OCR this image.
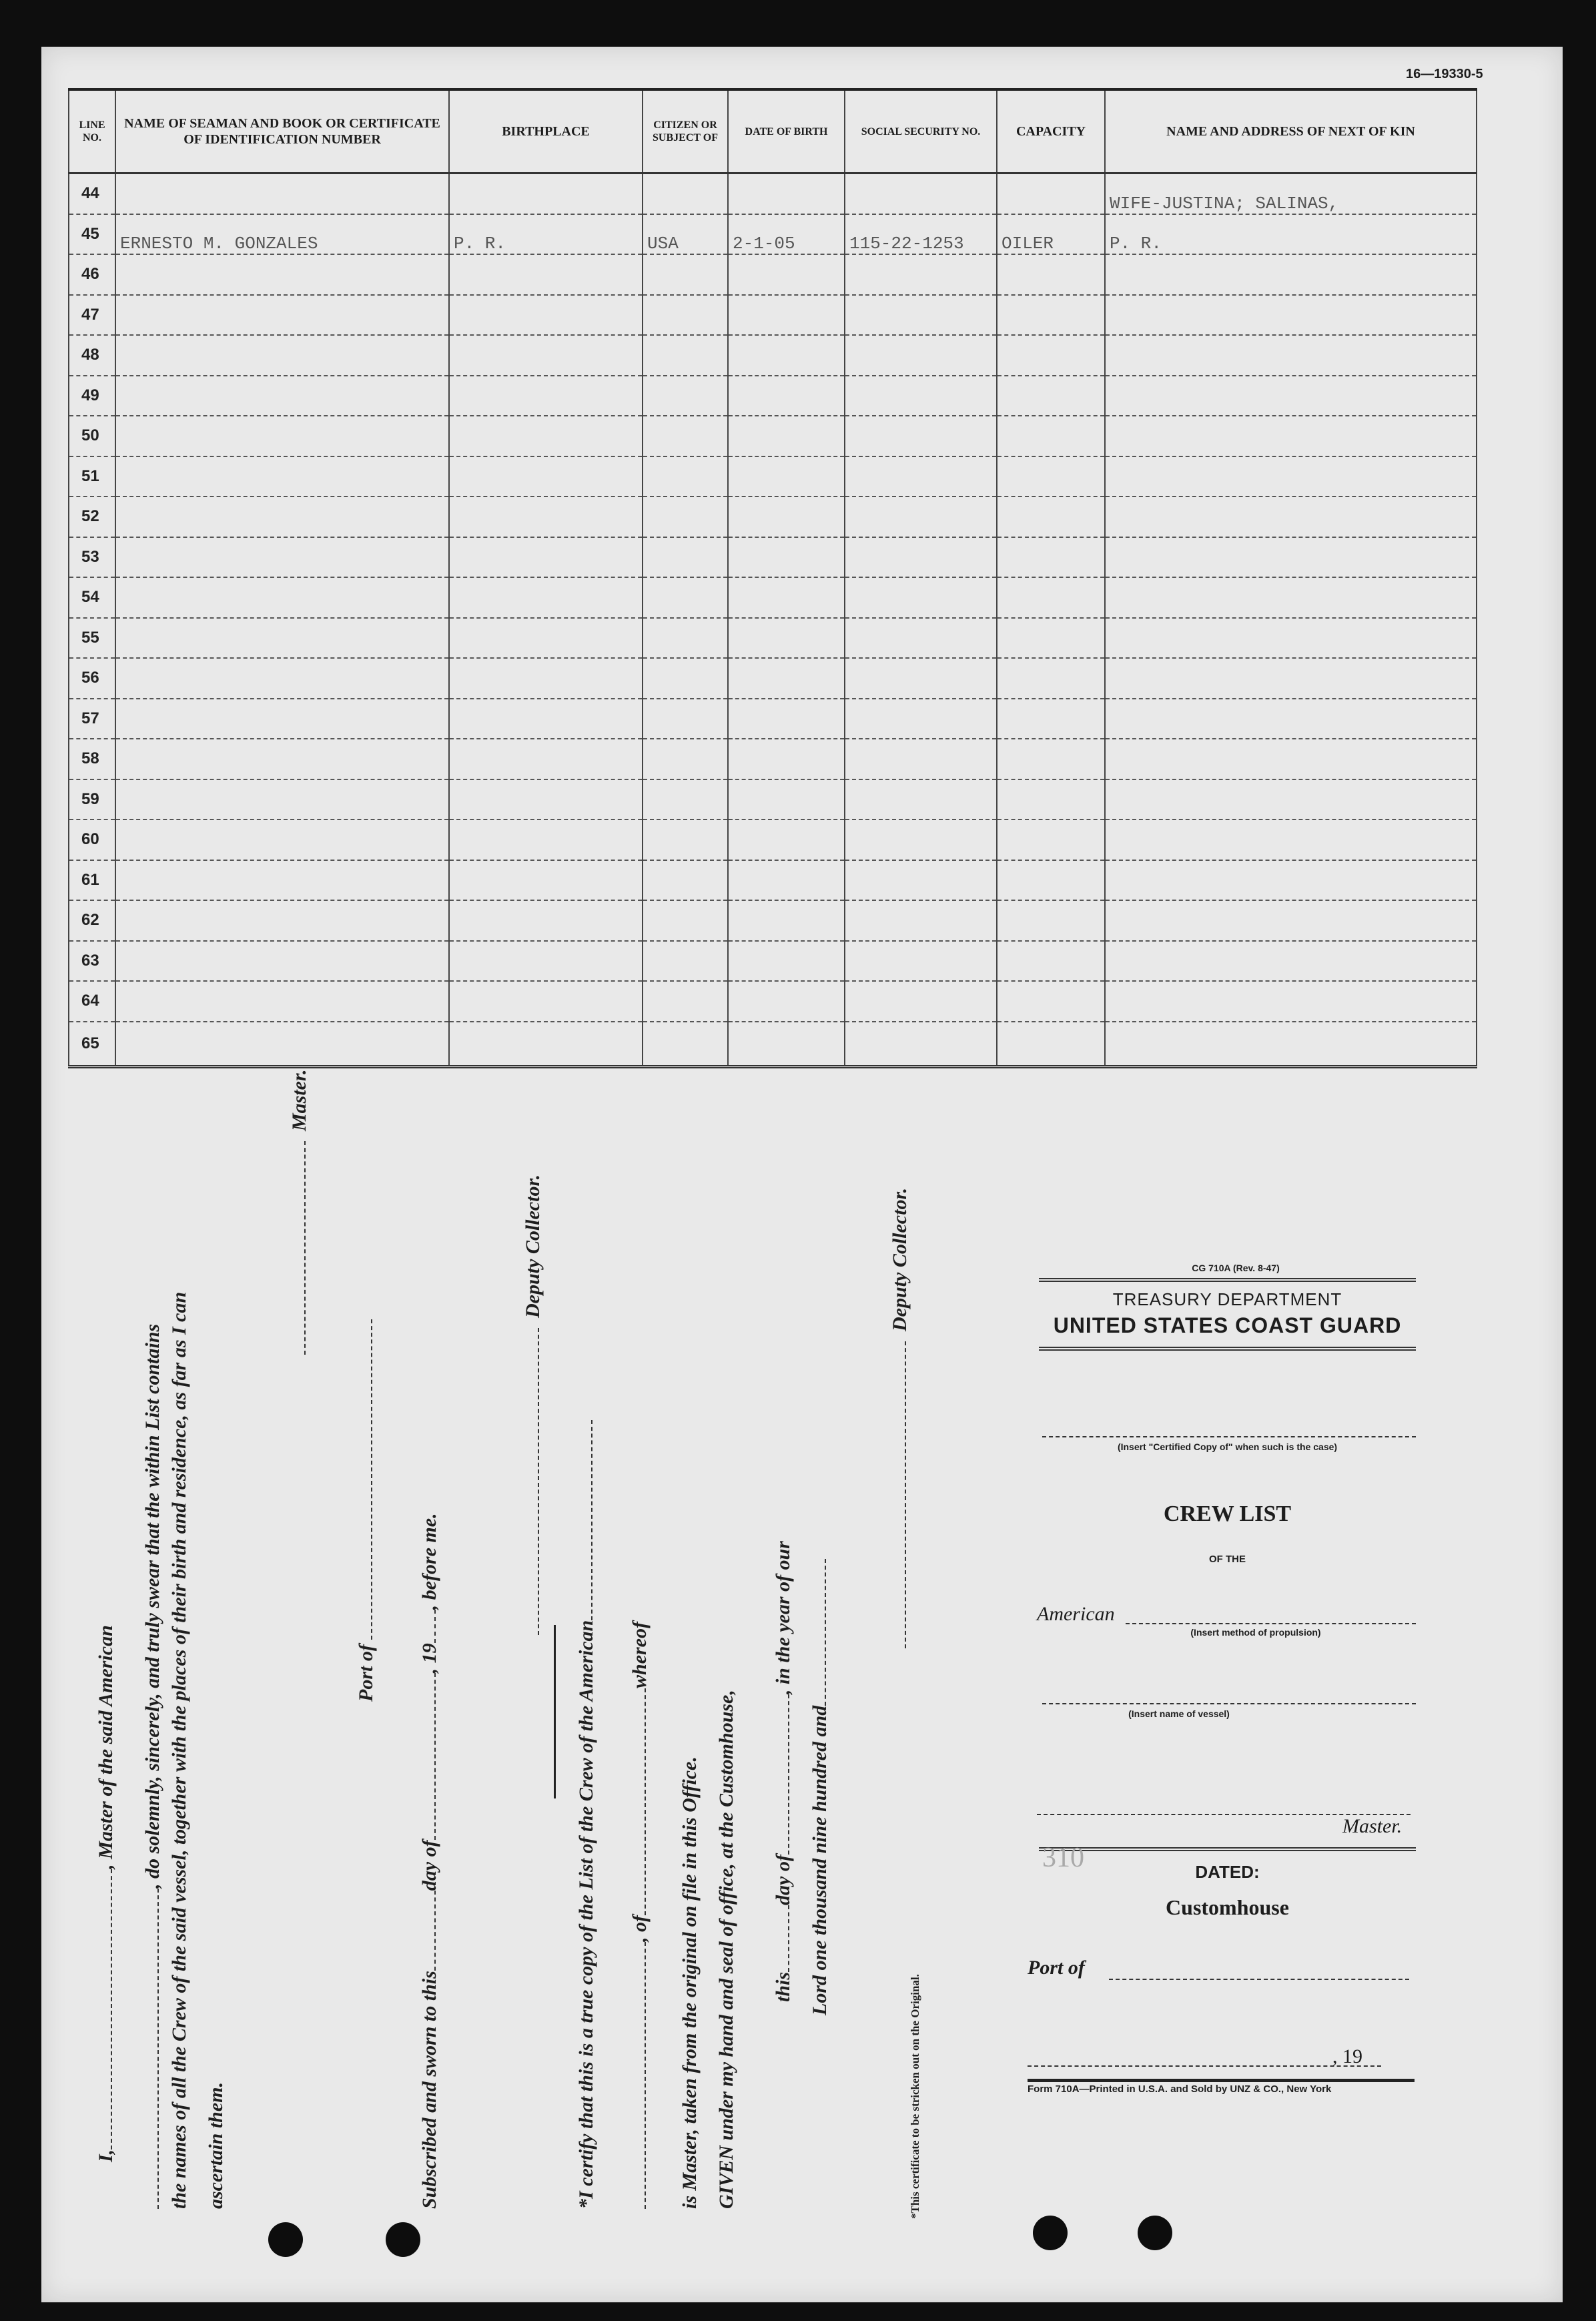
16—19330-5
LINE NO.	NAME OF SEAMAN AND BOOK OR CERTIFICATE OF IDENTIFICATION NUMBER	BIRTHPLACE	CITIZEN OR SUBJECT OF	DATE OF BIRTH	SOCIAL SECURITY NO.	CAPACITY	NAME AND ADDRESS OF NEXT OF KIN
44							WIFE-JUSTINA; SALINAS,
45	ERNESTO M. GONZALES	P. R.	USA	2-1-05	115-22-1253	OILER	P. R.
46							
47							
48							
49							
50							
51							
52							
53							
54							
55							
56							
57							
58							
59							
60							
61							
62							
63							
64							
65							
I,, Master of the said American , do solemnly, sincerely, and truly swear that the within List contains the names of all the Crew of the said vessel, together with the places of their birth and residence, as far as I can ascertain them.
Master.
Port of
Subscribed and sworn to thisday of, 19, before me.
Deputy Collector.
*I certify that this is a true copy of the List of the Crew of the American , ofwhereof
is Master, taken from the original on file in this Office. GIVEN under my hand and seal of office, at the Customhouse, thisday of, in the year of our
Lord one thousand nine hundred and
Deputy Collector.
*This certificate to be stricken out on the Original.
CG 710A (Rev. 8-47)
TREASURY DEPARTMENT
UNITED STATES COAST GUARD
(Insert "Certified Copy of" when such is the case)
CREW LIST
OF THE
American
(Insert method of propulsion)
(Insert name of vessel)
Master.
310	DATED:
Customhouse
Port of
, 19
Form 710A—Printed in U.S.A. and Sold by UNZ & CO., New York
